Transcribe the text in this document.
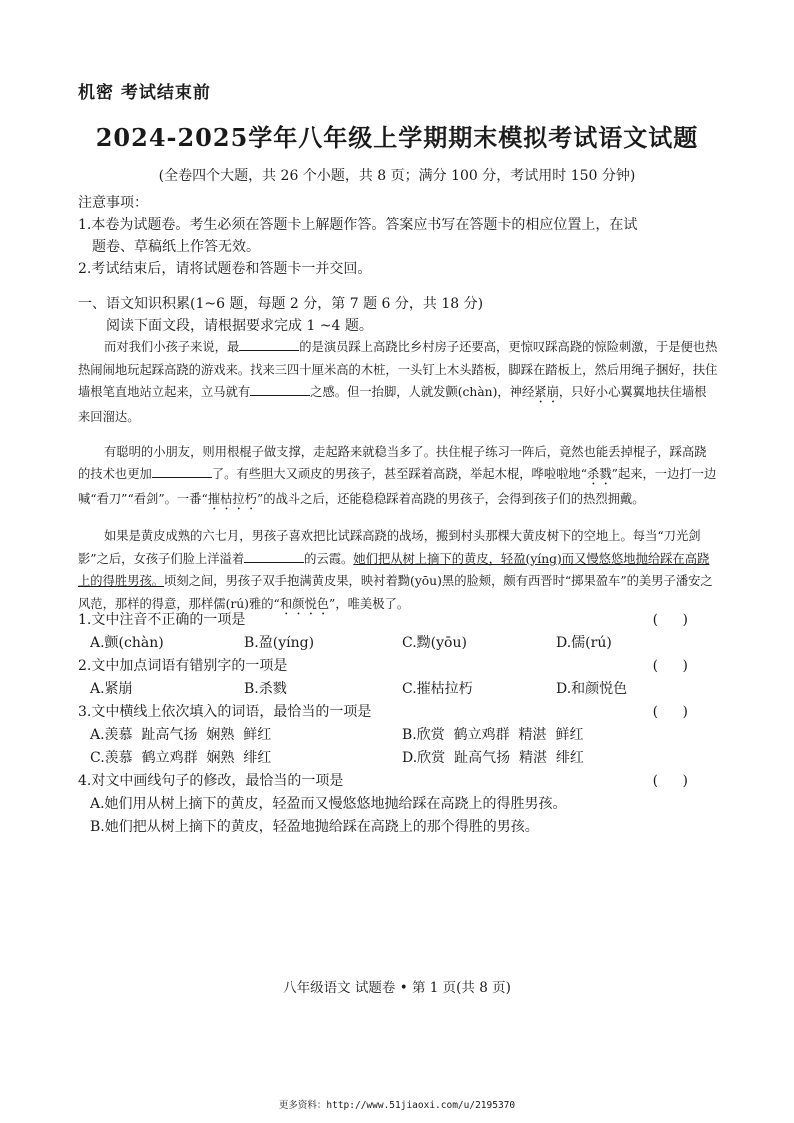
机密 考试结束前
2024-2025学年八年级上学期期末模拟考试语文试题
(全卷四个大题，共 26 个小题，共 8 页；满分 100 分，考试用时 150 分钟)
注意事项：
1.本卷为试题卷。考生必须在答题卡上解题作答。答案应书写在答题卡的相应位置上，在试
题卷、草稿纸上作答无效。
2.考试结束后，请将试题卷和答题卡一并交回。
一、语文知识积累(1~6 题，每题 2 分，第 7 题 6 分，共 18 分)
阅读下面文段，请根据要求完成 1 ~4 题。

而对我们小孩子来说，最	的是演员踩上高跷比乡村房子还要高，更惊叹踩高跷的惊险刺激，于是便也热热闹闹地玩起踩高跷的游戏来。找来三四十厘米高的木桩，一头钉上木头踏板，脚踩在踏板上，然后用绳子捆好，扶住墙根笔直地站立起来，立马就有	之感。但一抬脚，人就发颤(chàn)，神经紧崩，只好小心翼翼地扶住墙根来回溜达。

有聪明的小朋友，则用根棍子做支撑，走起路来就稳当多了。扶住棍子练习一阵后，竟然也能丢掉棍子，踩高跷的技术也更加	了。有些胆大又顽皮的男孩子，甚至踩着高跷，举起木棍，哗啦啦地“杀戮”起来，一边打一边喊“看刀”“看剑”。一番“摧枯拉朽”的战斗之后，还能稳稳踩着高跷的男孩子，会得到孩子们的热烈拥戴。

如果是黄皮成熟的六七月，男孩子喜欢把比试踩高跷的战场，搬到村头那棵大黄皮树下的空地上。每当“刀光剑影”之后，女孩子们脸上洋溢着	的云霞。她们把从树上摘下的黄皮，轻盈(yíng)而又慢悠悠地抛给踩在高跷上的得胜男孩。顷刻之间，男孩子双手抱满黄皮果，映衬着黝(yōu)黑的脸颊，颇有西晋时“掷果盈车”的美男子潘安之风范，那样的得意，那样儒(rú)雅的“和颜悦色”，唯美极了。

1.文中注音不正确的一项是	( )
A.颤(chàn)	B.盈(yíng)	C.黝(yōu)	D.儒(rú)
2.文中加点词语有错别字的一项是	( )
A.紧崩	B.杀戮	C.摧枯拉朽	D.和颜悦色
3.文中横线上依次填入的词语，最恰当的一项是	( )
A.羡慕  趾高气扬  娴熟  鲜红	B.欣赏  鹤立鸡群  精湛  鲜红
C.羡慕  鹤立鸡群  娴熟  绯红	D.欣赏  趾高气扬  精湛  绯红
4.对文中画线句子的修改，最恰当的一项是	( )
A.她们用从树上摘下的黄皮，轻盈而又慢悠悠地抛给踩在高跷上的得胜男孩。
B.她们把从树上摘下的黄皮，轻盈地抛给踩在高跷上的那个得胜的男孩。
八年级语文 试题卷 • 第 1 页(共 8 页)
更多资料：http://www.51jiaoxi.com/u/2195370
